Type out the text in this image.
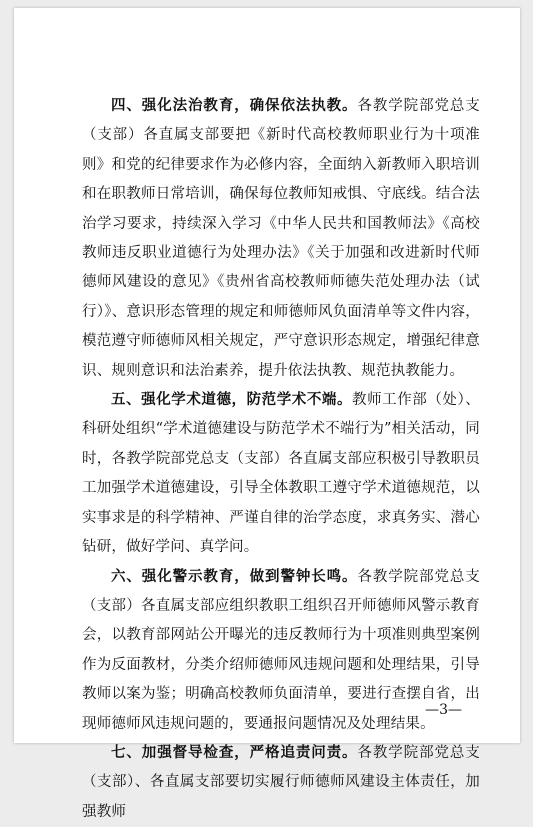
四、强化法治教育，确保依法执教。各教学院部党总支（支部）各直属支部要把《新时代高校教师职业行为十项准则》和党的纪律要求作为必修内容，全面纳入新教师入职培训和在职教师日常培训，确保每位教师知戒惧、守底线。结合法治学习要求，持续深入学习《中华人民共和国教师法》《高校教师违反职业道德行为处理办法》《关于加强和改进新时代师德师风建设的意见》《贵州省高校教师师德失范处理办法（试行）》、意识形态管理的规定和师德师风负面清单等文件内容，模范遵守师德师风相关规定，严守意识形态规定，增强纪律意识、规则意识和法治素养，提升依法执教、规范执教能力。

五、强化学术道德，防范学术不端。教师工作部（处）、科研处组织“学术道德建设与防范学术不端行为”相关活动，同时，各教学院部党总支（支部）各直属支部应积极引导教职员工加强学术道德建设，引导全体教职工遵守学术道德规范，以实事求是的科学精神、严谨自律的治学态度，求真务实、潜心钻研，做好学问、真学问。

六、强化警示教育，做到警钟长鸣。各教学院部党总支（支部）各直属支部应组织教职工组织召开师德师风警示教育会，以教育部网站公开曝光的违反教师行为十项准则典型案例作为反面教材，分类介绍师德师风违规问题和处理结果，引导教师以案为鉴；明确高校教师负面清单，要进行查摆自省，出现师德师风违规问题的，要通报问题情况及处理结果。

七、加强督导检查，严格追责问责。各教学院部党总支（支部）、各直属支部要切实履行师德师风建设主体责任，加强教师

—3—
